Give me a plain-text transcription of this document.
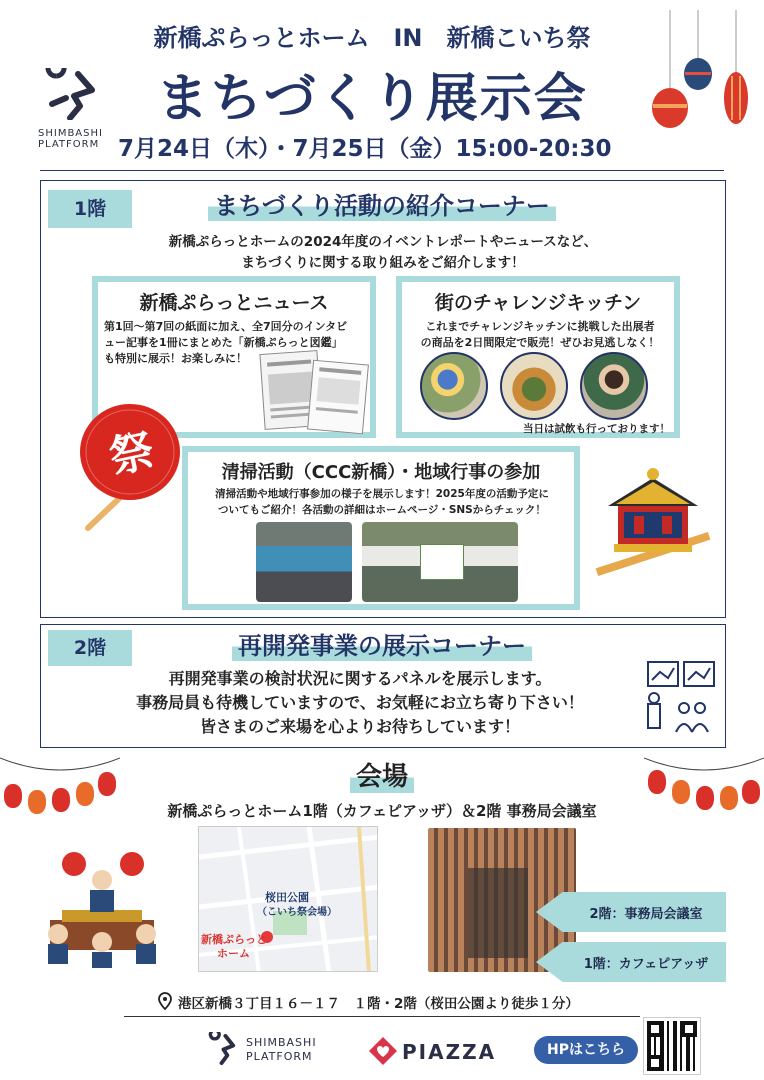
SHIMBASHI
PLATFORM
新橋ぷらっとホーム　IN　新橋こいち祭
まちづくり展示会
7月24日（木）・7月25日（金）15:00-20:30
1階	まちづくり活動の紹介コーナー
新橋ぷらっとホームの2024年度のイベントレポートやニュースなど、
まちづくりに関する取り組みをご紹介します！
新橋ぷらっとニュース
第1回～第7回の紙面に加え、全7回分のインタビ
ュー記事を1冊にまとめた「新橋ぷらっと図鑑」
も特別に展示！お楽しみに！
街のチャレンジキッチン
これまでチャレンジキッチンに挑戦した出展者
の商品を2日間限定で販売！ぜひお見逃しなく！
当日は試飲も行っております！
祭	清掃活動（CCC新橋）・地域行事の参加
清掃活動や地域行事参加の様子を展示します！2025年度の活動予定に
ついてもご紹介！各活動の詳細はホームページ・SNSからチェック！
2階	再開発事業の展示コーナー
再開発事業の検討状況に関するパネルを展示します。
事務局員も待機していますので、お気軽にお立ち寄り下さい！
皆さまのご来場を心よりお待ちしています！
会場
新橋ぷらっとホーム1階（カフェピアッザ）＆2階 事務局会議室
桜田公園
（こいち祭会場）
新橋ぷらっと
ホーム
2階：事務局会議室
1階：カフェピアッザ
港区新橋３丁目１６－１７　１階・2階（桜田公園より徒歩１分）
SHIMBASHI
PLATFORM	PIAZZA	HPはこちら
